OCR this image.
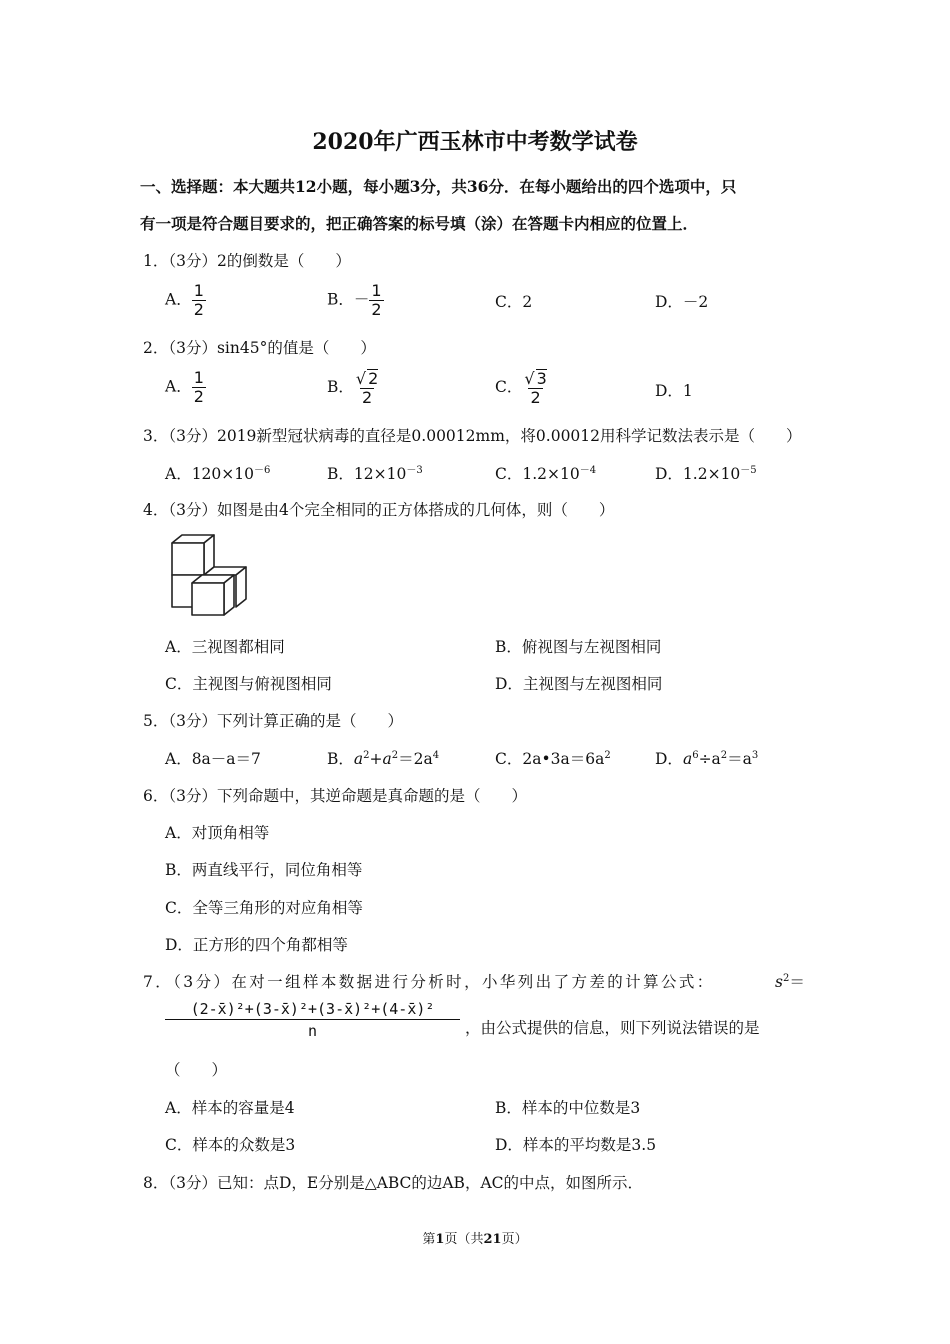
2020年广西玉林市中考数学试卷
一、选择题：本大题共12小题，每小题3分，共36分．在每小题给出的四个选项中，只
有一项是符合题目要求的，把正确答案的标号填（涂）在答题卡内相应的位置上．
1．（3分）2的倒数是（　　）
A． $\frac{1}{2}$	B．－ $\frac{1}{2}$	C．2	D．－2
2．（3分）sin45°的值是（　　）
A． $\frac{1}{2}$	B． $\frac{√ 2}{2}$	C． $\frac{√ 3}{2}$	D．1
3．（3分）2019新型冠状病毒的直径是0.00012mm，将0.00012用科学记数法表示是（　　）
A．$120\times 10^{-6}$	B．$12\times 10^{-3}$	C．$1.2\times 10^{-4}$	D．$1.2\times 10^{-5}$
4．（3分）如图是由4个完全相同的正方体搭成的几何体，则（　　）
A．三视图都相同	B．俯视图与左视图相同
C．主视图与俯视图相同	D．主视图与左视图相同
5．（3分）下列计算正确的是（　　）
A．8a－a＝7	B．$a^2+a^2=2a^4$	C．$2a•3a=6a^2$	D．$a^6\div a^2=a^3$
6．（3分）下列命题中，其逆命题是真命题的是（　　）
A．对顶角相等
B．两直线平行，同位角相等
C．全等三角形的对应角相等
D．正方形的四个角都相等
7．（3分）在对一组样本数据进行分析时，小华列出了方差的计算公式：	$s^2=$
$\frac{\text{(2-x̄)²+(3-x̄)²+(3-x̄)²+(4-x̄)²}}{n}$ ，由公式提供的信息，则下列说法错误的是
（　　）
A．样本的容量是4	B．样本的中位数是3
C．样本的众数是3	D．样本的平均数是3.5
8．（3分）已知：点D，E分别是△ABC的边AB，AC的中点，如图所示．
第1页（共21页）
